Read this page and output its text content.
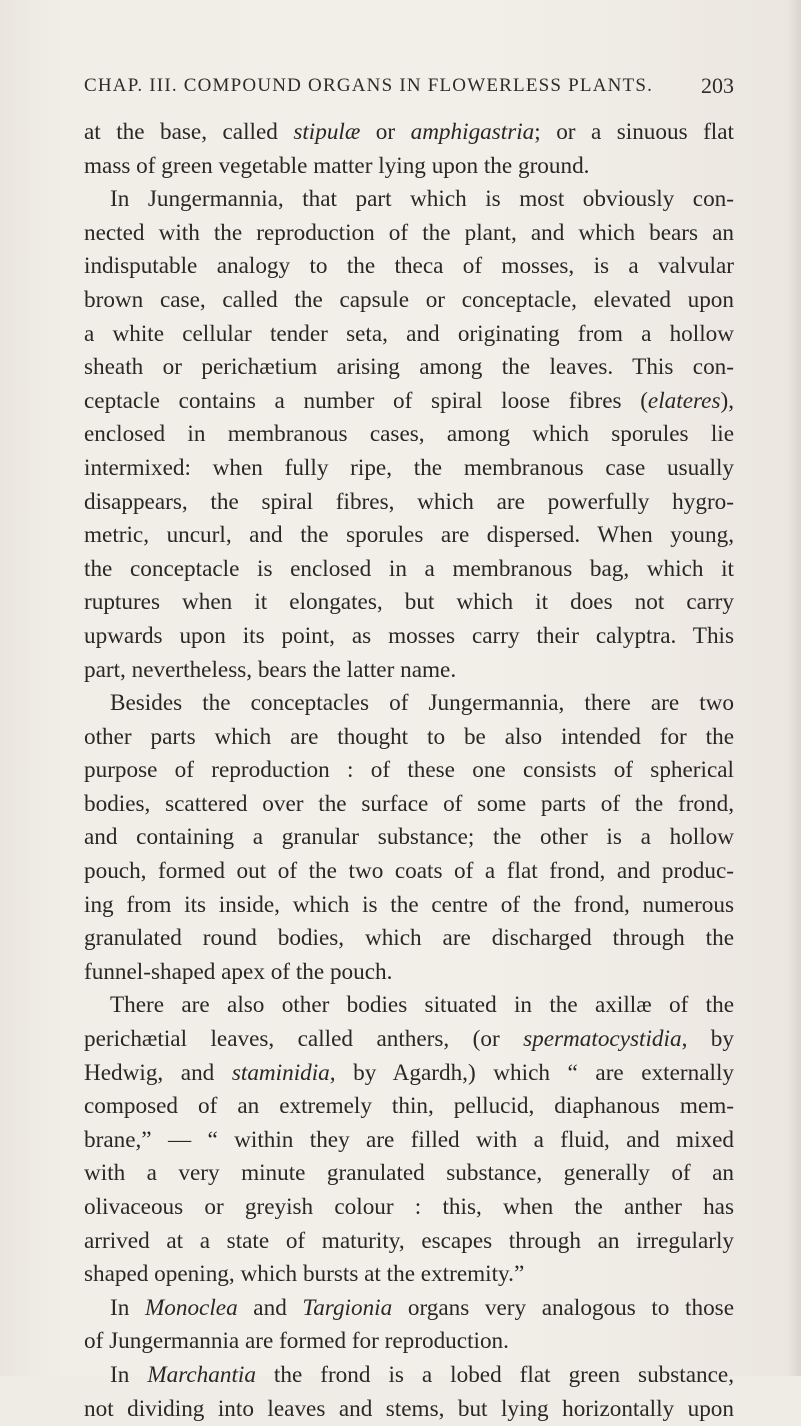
CHAP. III. COMPOUND ORGANS IN FLOWERLESS PLANTS. 203
at the base, called stipulæ or amphigastria; or a sinuous flat
mass of green vegetable matter lying upon the ground.
In Jungermannia, that part which is most obviously con-
nected with the reproduction of the plant, and which bears an
indisputable analogy to the theca of mosses, is a valvular
brown case, called the capsule or conceptacle, elevated upon
a white cellular tender seta, and originating from a hollow
sheath or perichætium arising among the leaves. This con-
ceptacle contains a number of spiral loose fibres (elateres),
enclosed in membranous cases, among which sporules lie
intermixed: when fully ripe, the membranous case usually
disappears, the spiral fibres, which are powerfully hygro-
metric, uncurl, and the sporules are dispersed. When young,
the conceptacle is enclosed in a membranous bag, which it
ruptures when it elongates, but which it does not carry
upwards upon its point, as mosses carry their calyptra. This
part, nevertheless, bears the latter name.
Besides the conceptacles of Jungermannia, there are two
other parts which are thought to be also intended for the
purpose of reproduction : of these one consists of spherical
bodies, scattered over the surface of some parts of the frond,
and containing a granular substance; the other is a hollow
pouch, formed out of the two coats of a flat frond, and produc-
ing from its inside, which is the centre of the frond, numerous
granulated round bodies, which are discharged through the
funnel-shaped apex of the pouch.
There are also other bodies situated in the axillæ of the
perichætial leaves, called anthers, (or spermatocystidia, by
Hedwig, and staminidia, by Agardh,) which “ are externally
composed of an extremely thin, pellucid, diaphanous mem-
brane,” — “ within they are filled with a fluid, and mixed
with a very minute granulated substance, generally of an
olivaceous or greyish colour : this, when the anther has
arrived at a state of maturity, escapes through an irregularly
shaped opening, which bursts at the extremity.”
In Monoclea and Targionia organs very analogous to those
of Jungermannia are formed for reproduction.
In Marchantia the frond is a lobed flat green substance,
not dividing into leaves and stems, but lying horizontally upon
